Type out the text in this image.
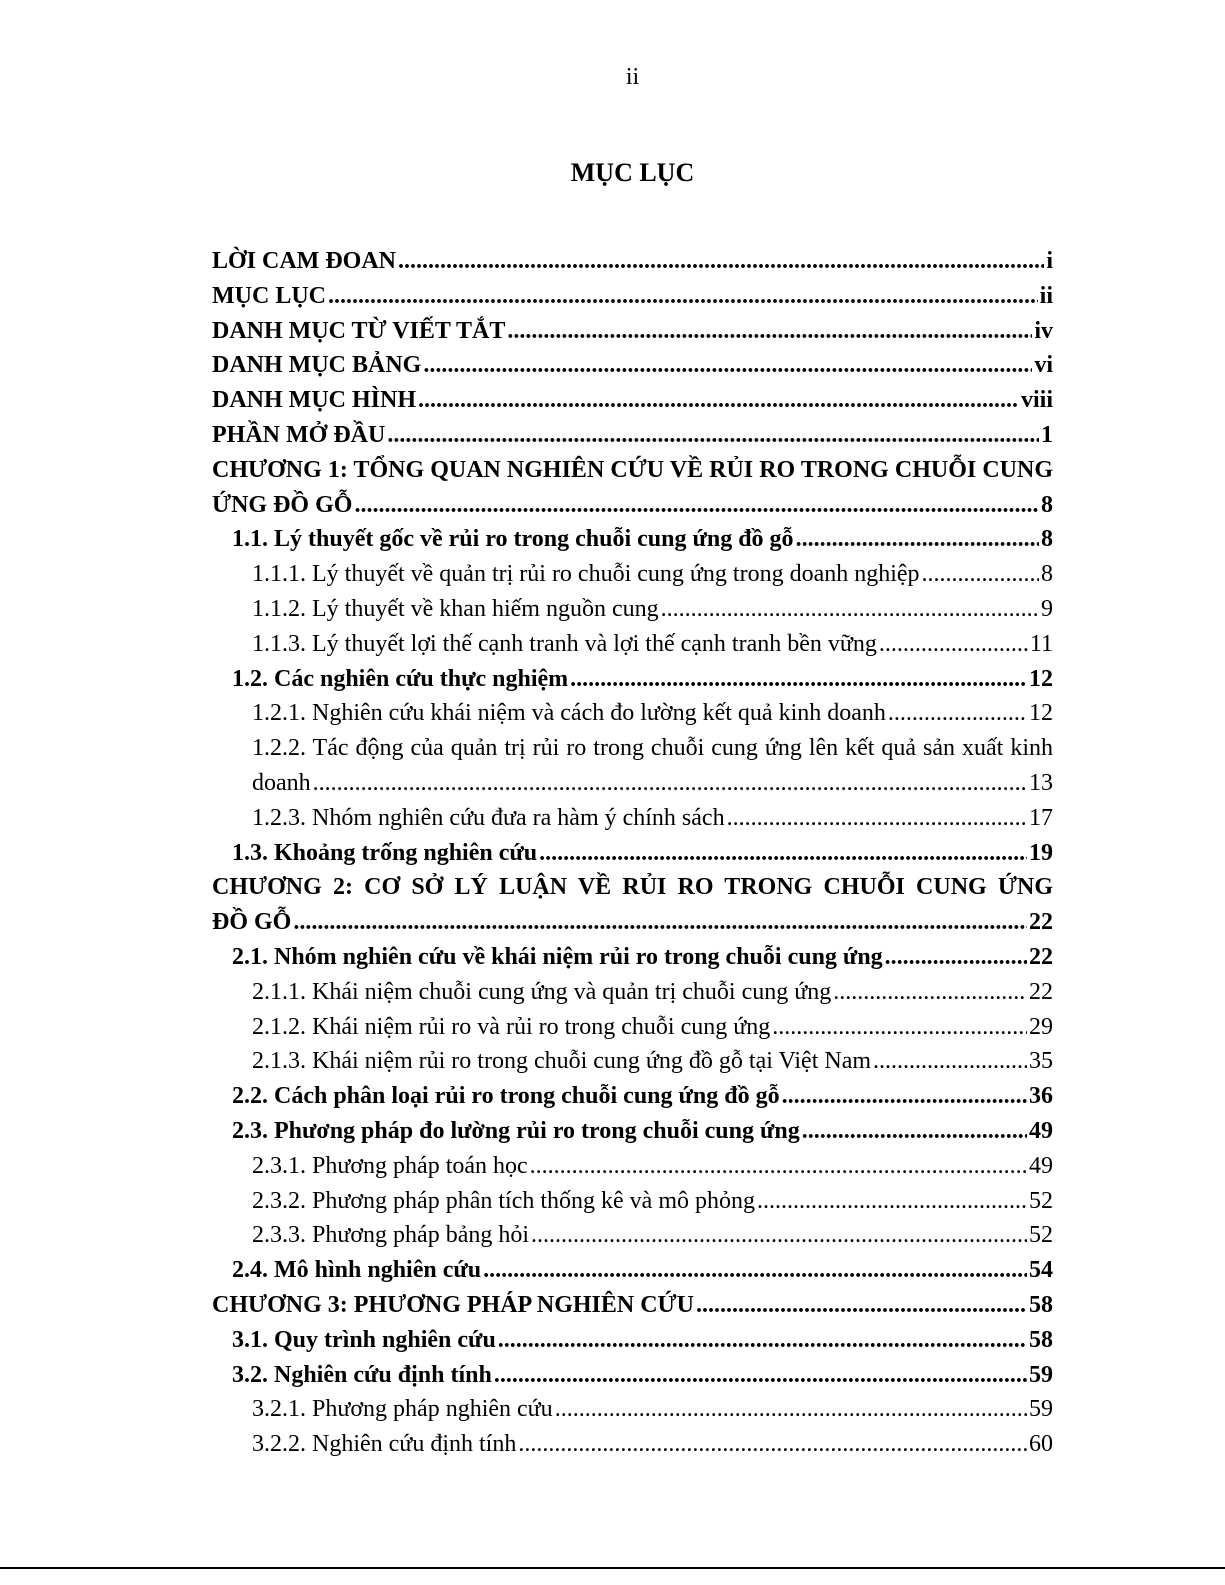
ii
MỤC LỤC
LỜI CAM ĐOAN .....	i
MỤC LỤC .....	ii
DANH MỤC TỪ VIẾT TẮT .....	iv
DANH MỤC BẢNG .....	vi
DANH MỤC HÌNH .....	viii
PHẦN MỞ ĐẦU .....	1
CHƯƠNG 1: TỔNG QUAN NGHIÊN CỨU VỀ RỦI RO TRONG CHUỖI CUNG
ỨNG ĐỒ GỖ .....	8
1.1. Lý thuyết gốc về rủi ro trong chuỗi cung ứng đồ gỗ .....	8
1.1.1. Lý thuyết về quản trị rủi ro chuỗi cung ứng trong doanh nghiệp .....	8
1.1.2. Lý thuyết về khan hiếm nguồn cung .....	9
1.1.3. Lý thuyết lợi thế cạnh tranh và lợi thế cạnh tranh bền vững .....	11
1.2. Các nghiên cứu thực nghiệm .....	12
1.2.1. Nghiên cứu khái niệm và cách đo lường kết quả kinh doanh .....	12
1.2.2. Tác động của quản trị rủi ro trong chuỗi cung ứng lên kết quả sản xuất kinh
doanh .....	13
1.2.3. Nhóm nghiên cứu đưa ra hàm ý chính sách .....	17
1.3. Khoảng trống nghiên cứu .....	19
CHƯƠNG 2: CƠ SỞ LÝ LUẬN VỀ RỦI RO TRONG CHUỖI CUNG ỨNG
ĐỒ GỖ .....	22
2.1. Nhóm nghiên cứu về khái niệm rủi ro trong chuỗi cung ứng .....	22
2.1.1. Khái niệm chuỗi cung ứng và quản trị chuỗi cung ứng .....	22
2.1.2. Khái niệm rủi ro và rủi ro trong chuỗi cung ứng .....	29
2.1.3. Khái niệm rủi ro trong chuỗi cung ứng đồ gỗ tại Việt Nam .....	35
2.2. Cách phân loại rủi ro trong chuỗi cung ứng đồ gỗ .....	36
2.3. Phương pháp đo lường rủi ro trong chuỗi cung ứng .....	49
2.3.1. Phương pháp toán học .....	49
2.3.2. Phương pháp phân tích thống kê và mô phỏng .....	52
2.3.3. Phương pháp bảng hỏi .....	52
2.4. Mô hình nghiên cứu .....	54
CHƯƠNG 3: PHƯƠNG PHÁP NGHIÊN CỨU .....	58
3.1. Quy trình nghiên cứu .....	58
3.2. Nghiên cứu định tính .....	59
3.2.1. Phương pháp nghiên cứu .....	59
3.2.2. Nghiên cứu định tính .....	60
